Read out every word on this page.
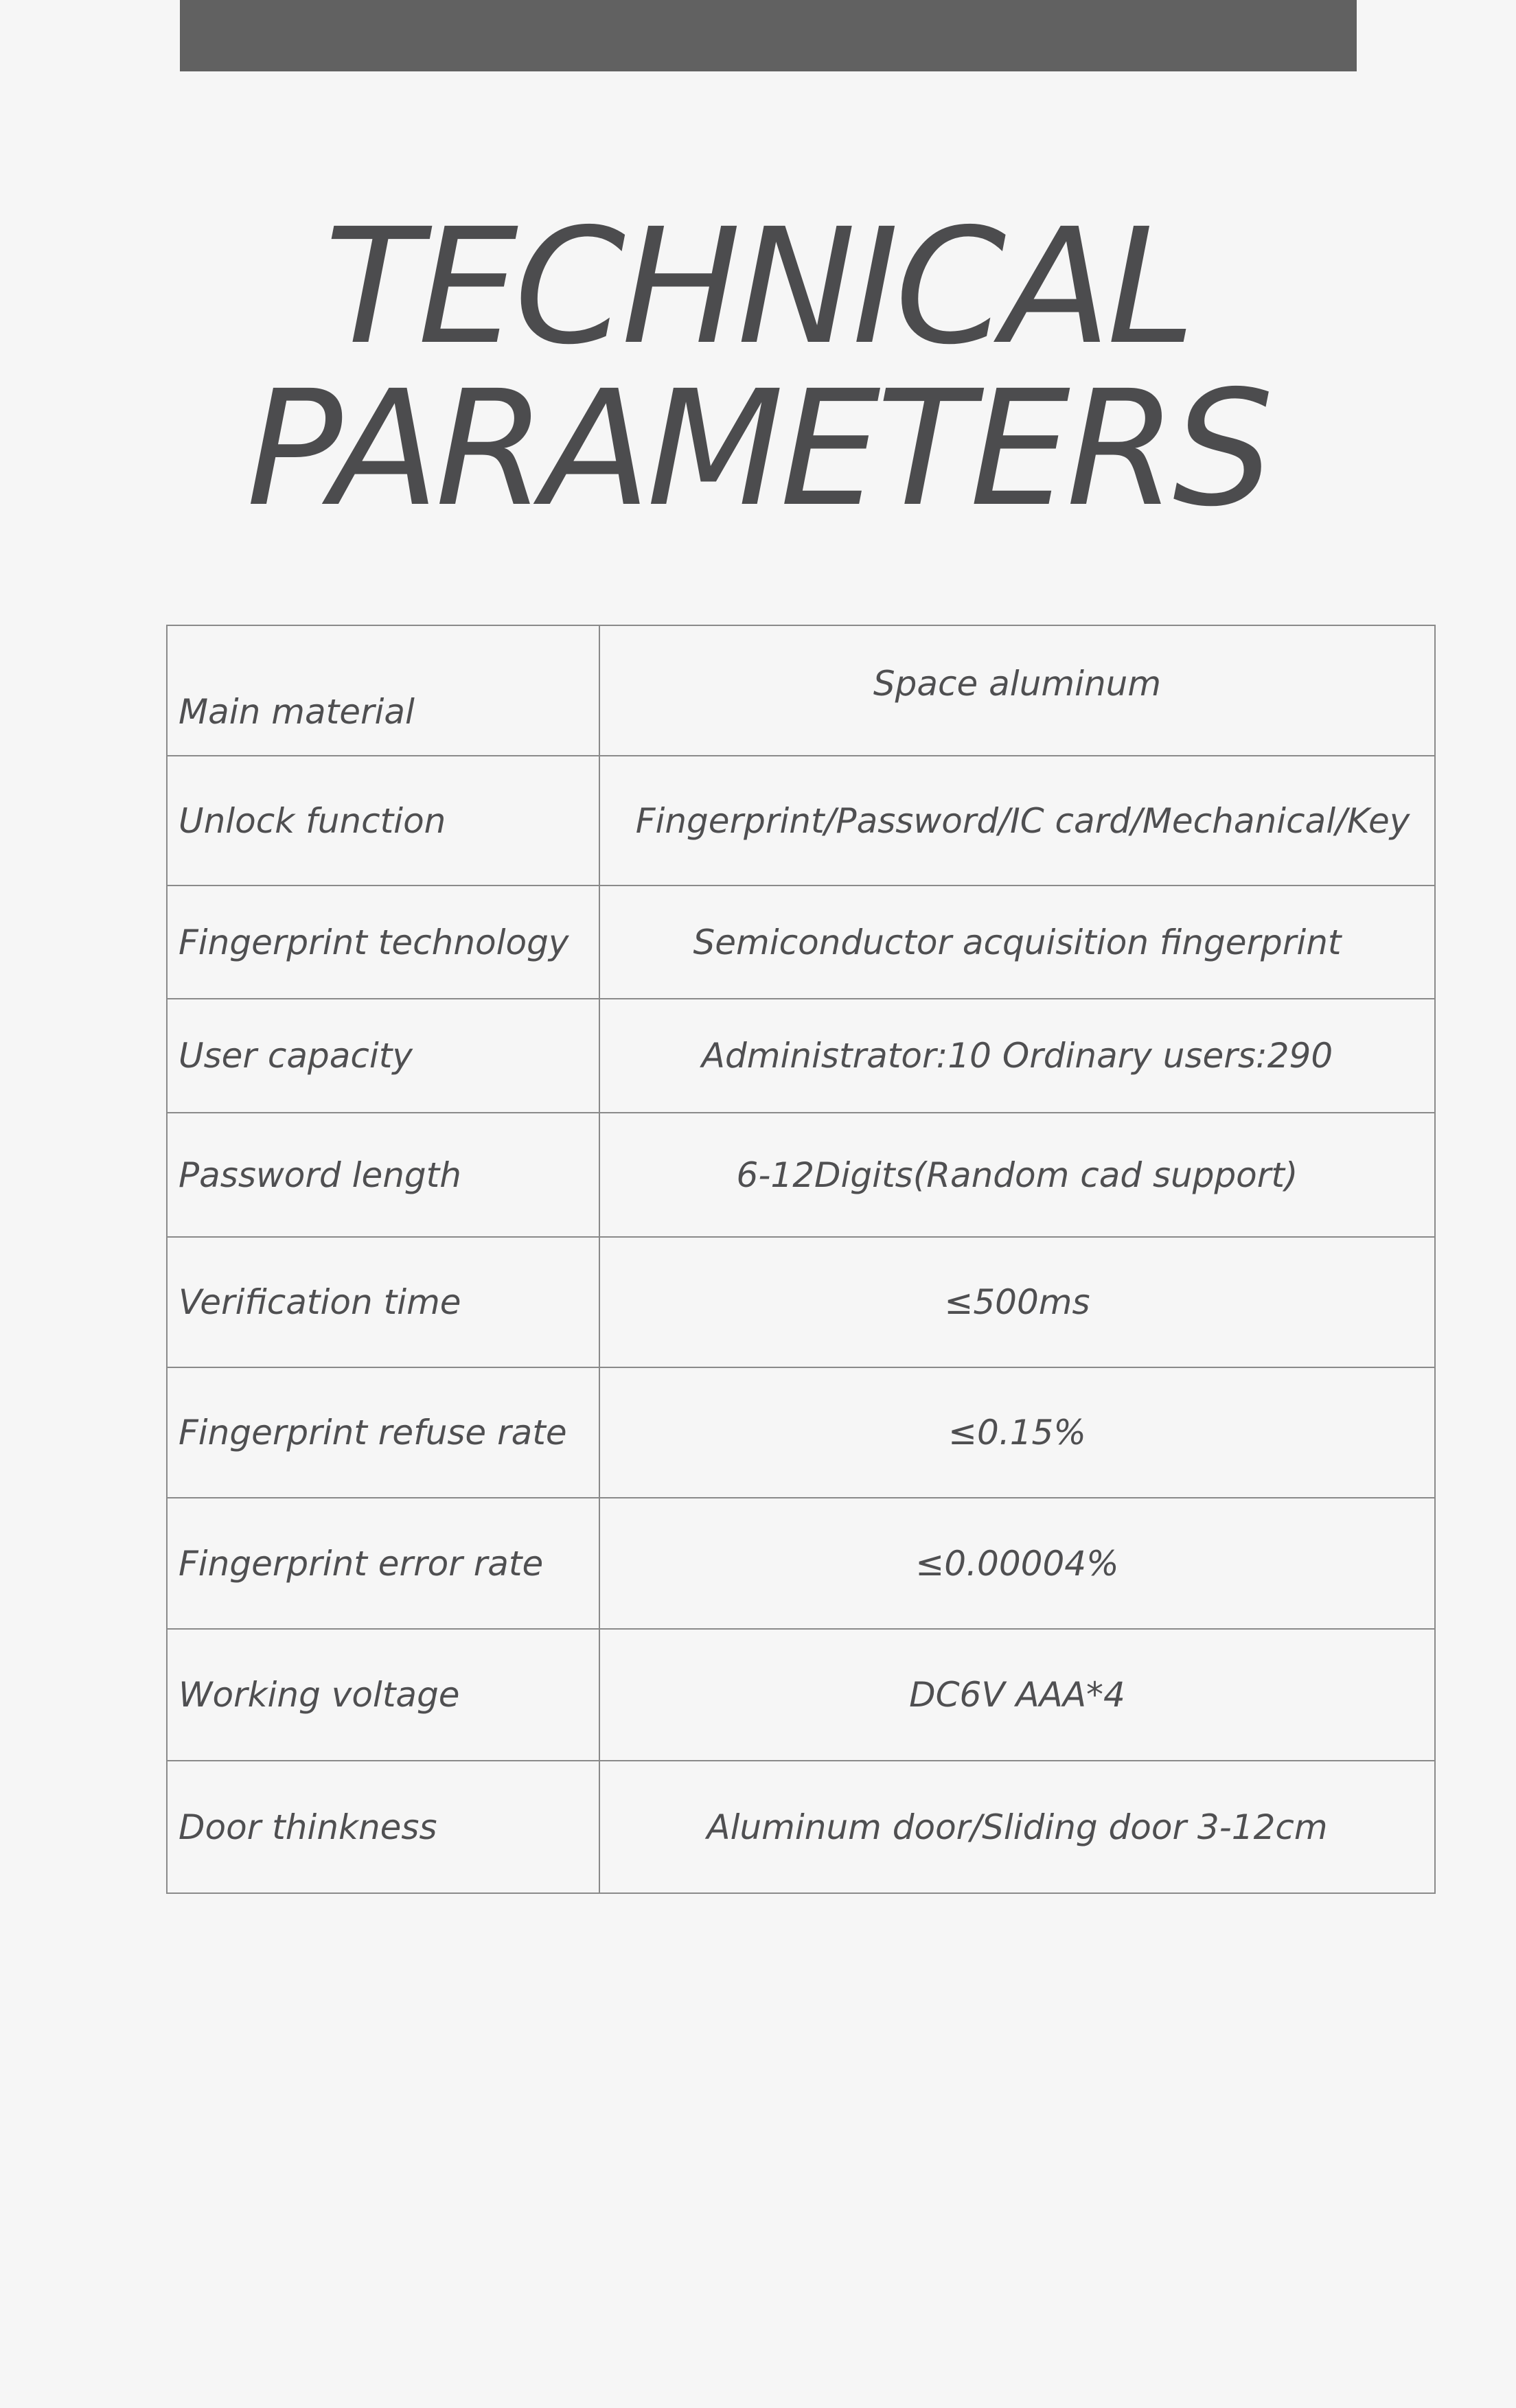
TECHNICAL
PARAMETERS
Main material	Space aluminum
Unlock function	Fingerprint/Password/IC card/Mechanical/Key
Fingerprint technology	Semiconductor acquisition fingerprint
User capacity	Administrator:10 Ordinary users:290
Password length	6-12Digits(Random cad support)
Verification time	≤500ms
Fingerprint refuse rate	≤0.15%
Fingerprint error rate	≤0.00004%
Working voltage	DC6V AAA*4
Door thinkness	Aluminum door/Sliding door 3-12cm
